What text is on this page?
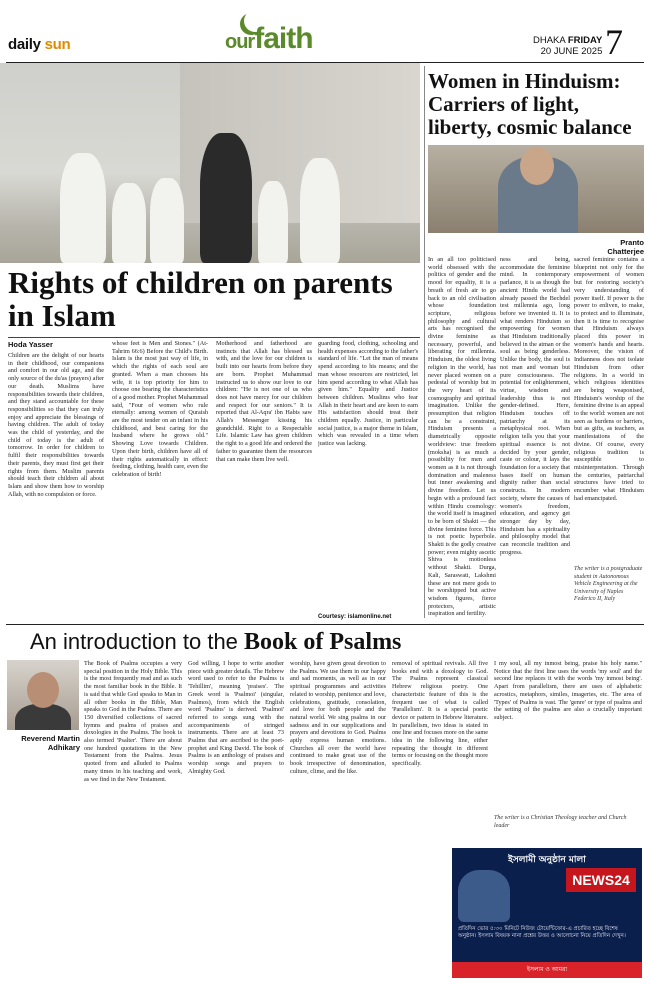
daily sun	ourfaith	DHAKA FRIDAY
20 JUNE 2025 7
Women in Hinduism: Carriers of light, liberty, cosmic balance
Pranto Chatterjee
In an all too politicised world obsessed with the politics of gender and the mood for equality, it is a breath of fresh air to go back to an old civilisation whose foundation scripture, religious philosophy and cultural arts has recognised the divine feminine as necessary, powerful, and liberating for millennia. Hinduism, the oldest living religion in the world, has never placed women on a pedestal of worship but in the very heart of its cosmography and spiritual imagination. Unlike the presumption that religion can be a constraint, Hinduism presents a diametrically opposite worldview: true freedom (moksha) is as much a possibility for men and women as it is not through domination and maleness but inner awakening and divine freedom. Let us begin with a profound fact within Hindu cosmology: the world itself is imagined to be born of Shakti — the divine feminine force. This is not poetic hyperbole. Shakti is the godly creative power; even mighty ascetic Shiva is motionless without Shakti. Durga, Kali, Saraswati, Lakshmi these are not mere gods to be worshipped but active wisdom figures, fierce protectors, artistic inspiration and fertility.
ness and being, accommodate the feminine mind. In contemporary parlance, it is as though the ancient Hindu world had already passed the Bechdel test millennia ago, long before we invented it. It is what renders Hinduism so empowering for women that Hinduism traditionally believed in the atman or the soul as being genderless. Unlike the body, the soul is not man and woman but pure consciousness. The potential for enlightenment, virtue, wisdom and leadership thus is not gender-defined. Here, Hinduism touches off patriarchy at its metaphysical root. When religion tells you that your spiritual essence is not decided by your gender, caste or colour, it lays the foundation for a society that bases itself on human dignity rather than social constructs. In modern society, where the causes of women's freedom, education, and agency get stronger day by day, Hinduism has a spirituality and philosophy model that can reconcile tradition and progress.
sacred feminine contains a blueprint not only for the empowerment of women but for restoring society's very understanding of power itself. If power is the power to enliven, to make, to protect and to illuminate, then it is time to recognise that Hinduism always placed this power in women's hands and hearts. Moreover, the vision of Indianness does not isolate Hinduism from other religions. In a world in which religious identities are being weaponised, Hinduism's worship of the feminine divine is an appeal to the world: women are not seen as burdens or barriers, but as gifts, as teachers, as manifestations of the divine. Of course, every religious tradition is susceptible to misinterpretation. Through the centuries, patriarchal structures have tried to encumber what Hinduism had emancipated.
The writer is a postgraduate student in Autonomous Vehicle Engineering at the University of Naples Federico II, Italy
Rights of children on parents in Islam
Hoda Yasser
Children are the delight of our hearts in their childhood, our companions and comfort in our old age, and the only source of the du'as (prayers) after our death. Muslims have responsibilities towards their children, and they stand accountable for these responsibilities so that they can truly enjoy and appreciate the blessings of having children. The adult of today was the child of yesterday, and the child of today is the adult of tomorrow. In order for children to fulfil their responsibilities towards their parents, they must first get their rights from them. Muslim parents should teach their children all about Islam and show them how to worship Allah, with no compulsion or force.
whose feet is Men and Stones." (At-Tahrim 66:6) Before the Child's Birth. Islam is the most just way of life, in which the rights of each soul are granted. When a man chooses his wife, it is top priority for him to choose one bearing the characteristics of a good mother. Prophet Muhammad said, "Four of women who rule eternally: among women of Quraish are the most tender on an infant in his childhood, and best caring for the husband where he grows old." Showing Love towards Children. Upon their birth, children have all of their rights automatically in effect: feeding, clothing, health care, even the celebration of birth!
Motherhood and fatherhood are instincts that Allah has blessed us with, and the love for our children is built into our hearts from before they are born. Prophet Muhammad instructed us to show our love to our children: "He is not one of us who does not have mercy for our children and respect for our seniors." It is reported that Al-Aqra' ibn Habis saw Allah's Messenger kissing his grandchild. Right to a Respectable Life. Islamic Law has given children the right to a good life and ordered the father to guarantee them the resources that can make them live well.
guarding food, clothing, schooling and health expenses according to the father's standard of life. "Let the man of means spend according to his means; and the man whose resources are restricted, let him spend according to what Allah has given him." Equality and Justice between children. Muslims who fear Allah in their heart and are keen to earn His satisfaction should treat their children equally. Justice, in particular social justice, is a major theme in Islam, which was revealed in a time when justice was lacking.
Courtesy: islamonline.net
An introduction to the Book of Psalms
Reverend Martin Adhikary
The Book of Psalms occupies a very special position in the Holy Bible. This is the most frequently read and as such the most familiar book in the Bible. It is said that while God speaks to Man in all other books in the Bible, Man speaks to God in the Psalms. There are 150 diversified collections of sacred hymns and psalms of praises and doxologies in the Psalms. The book is also termed 'Psalter'. There are about one hundred quotations in the New Testament from the Psalms. Jesus quoted from and alluded to Psalms many times in his teaching and work, as we find in the New Testament.
God willing, I hope to write another piece with greater details. The Hebrew word used to refer to the Psalms is 'Tehillim', meaning 'praises'. The Greek word is 'Psalmoi' (singular, Psalmos), from which the English word 'Psalms' is derived. 'Psalmoi' referred to songs sung with the accompaniments of stringed instruments. There are at least 73 Psalms that are ascribed to the poet-prophet and King David. The book of Psalms is an anthology of praises and worship songs and prayers to Almighty God.
worship, have given great devotion to the Psalms. We use them in our happy and sad moments, as well as in our spiritual programmes and activities related to worship, penitence and love, celebrations, gratitude, consolation, and love for both people and the natural world. We sing psalms in our sadness and in our supplications and prayers and devotions to God. Psalms aptly express human emotions. Churches all over the world have continued to make great use of the book irrespective of denomination, culture, clime, and the like.
removal of spiritual revivals. All five books end with a doxology to God. The Psalms represent classical Hebrew religious poetry. One characteristic feature of this is the frequent use of what is called 'Parallelism'. It is a special poetic device or pattern in Hebrew literature. In parallelism, two ideas is stated in one line and focuses more on the same idea in the following line, either repeating the thought in different terms or focusing on the thought more specifically.
I my soul, all my inmost being, praise his holy name." Notice that the first line uses the words 'my soul' and the second line replaces it with the words 'my inmost being'. Apart from parallelism, there are uses of alphabetic acrostics, metaphors, similes, imageries, etc. The area of 'Types' of Psalms is vast. The 'genre' or type of psalms and the setting of the psalms are also a crucially important subject.
The writer is a Christian Theology teacher and Church leader
ইসলামী অনুষ্ঠান মালা
NEWS24
প্রতিদিন ভোর ৫:৩০ মিনিটে নিউজ টোয়েন্টিফোর-এ প্রচারিত হচ্ছে বিশেষ অনুষ্ঠান। ইসলাম বিষয়ক নানা প্রশ্নের উত্তর ও আলোচনা নিয়ে প্রতিদিন দেখুন।
ইসলাম ও আমরা
